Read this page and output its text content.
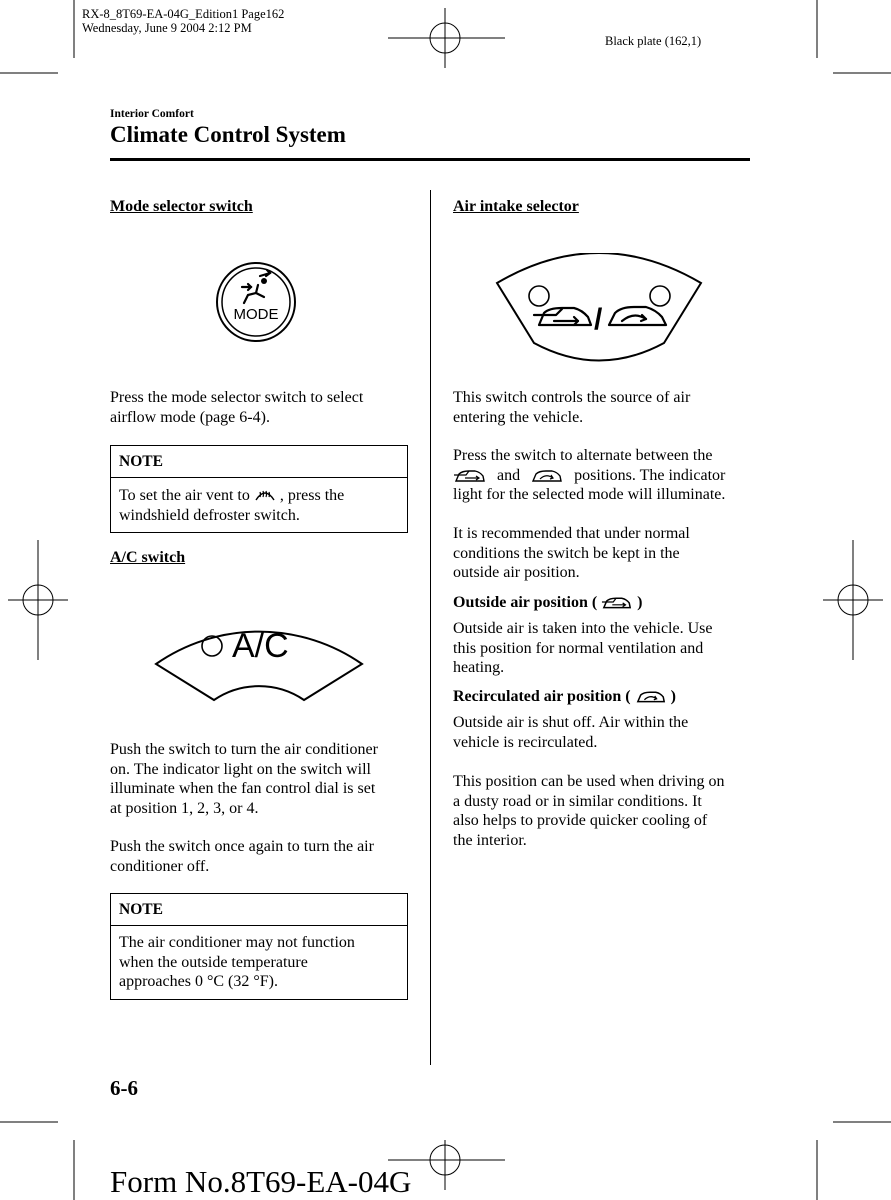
RX-8_8T69-EA-04G_Edition1 Page162
Wednesday, June 9 2004 2:12 PM
Black plate (162,1)
Interior Comfort
Climate Control System
Mode selector switch
MODE
Press the mode selector switch to select
airflow mode (page 6-4).
NOTE
To set the air vent to , press the
windshield defroster switch.
A/C switch
A/C
Push the switch to turn the air conditioner
on. The indicator light on the switch will
illuminate when the fan control dial is set
at position 1, 2, 3, or 4.
Push the switch once again to turn the air
conditioner off.
NOTE
The air conditioner may not function
when the outside temperature
approaches 0 °C (32 °F).
Air intake selector
/
This switch controls the source of air
entering the vehicle.
Press the switch to alternate between the
and	positions. The indicator
light for the selected mode will illuminate.
It is recommended that under normal
conditions the switch be kept in the
outside air position.
Outside air position (	)
Outside air is taken into the vehicle. Use
this position for normal ventilation and
heating.
Recirculated air position (	)
Outside air is shut off. Air within the
vehicle is recirculated.
This position can be used when driving on
a dusty road or in similar conditions. It
also helps to provide quicker cooling of
the interior.
6-6
Form No.8T69-EA-04G
